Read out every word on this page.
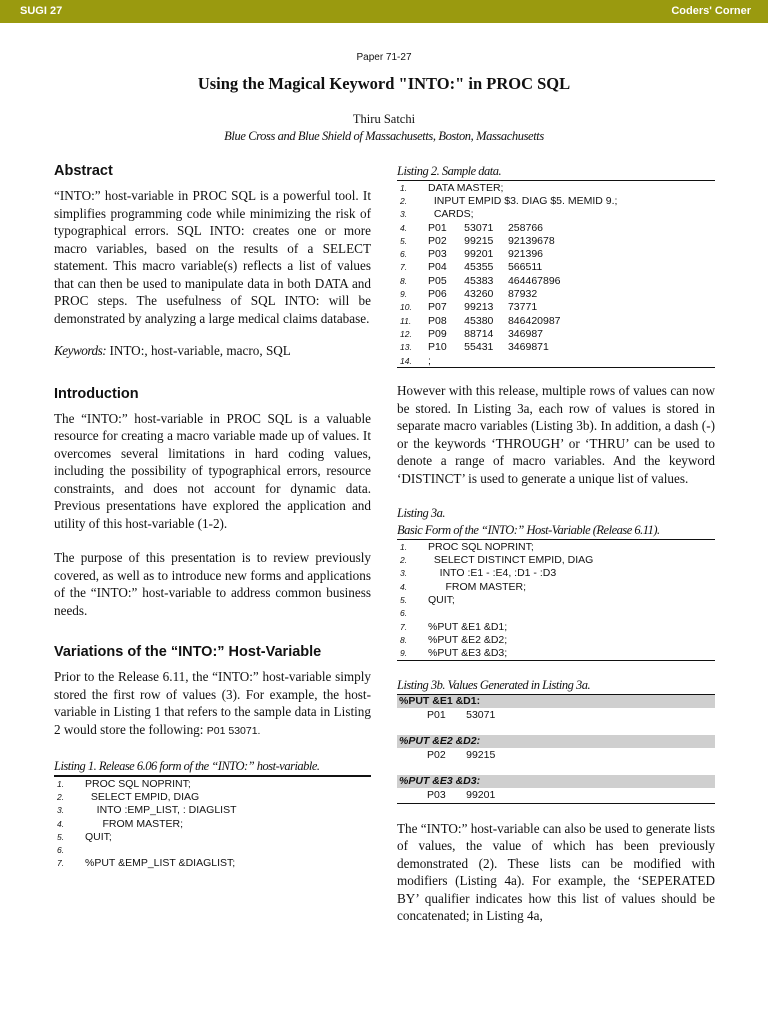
SUGI 27	Coders' Corner
Paper 71-27
Using the Magical Keyword "INTO:" in PROC SQL
Thiru Satchi
Blue Cross and Blue Shield of Massachusetts, Boston, Massachusetts
Abstract

“INTO:” host-variable in PROC SQL is a powerful tool. It simplifies programming code while minimizing the risk of typographical errors. SQL INTO: creates one or more macro variables, based on the results of a SELECT statement. This macro variable(s) reflects a list of values that can then be used to manipulate data in both DATA and PROC steps. The usefulness of SQL INTO: will be demonstrated by analyzing a large medical claims database.

Keywords: INTO:, host-variable, macro, SQL

Introduction

The “INTO:” host-variable in PROC SQL is a valuable resource for creating a macro variable made up of values. It overcomes several limitations in hard coding values, including the possibility of typographical errors, resource constraints, and does not account for dynamic data. Previous presentations have explored the application and utility of this host-variable (1-2).

The purpose of this presentation is to review previously covered, as well as to introduce new forms and applications of the “INTO:” host-variable to address common business needs.

Variations of the “INTO:” Host-Variable

Prior to the Release 6.11, the “INTO:” host-variable simply stored the first row of values (3). For example, the host-variable in Listing 1 that refers to the sample data in Listing 2 would store the following: P01 53071.

Listing 1. Release 6.06 form of the “INTO:” host-variable.
1.	PROC SQL NOPRINT;
2.	SELECT EMPID, DIAG
3.	INTO :EMP_LIST, : DIAGLIST
4.	FROM MASTER;
5.	QUIT;
6.	
7.	%PUT &EMP_LIST &DIAGLIST;
Listing 2. Sample data.
1.	DATA MASTER;
2.	INPUT EMPID $3. DIAG $5. MEMID 9.;
3.	CARDS;
4.	P01      53071     258766
5.	P02      99215     92139678
6.	P03      99201     921396
7.	P04      45355     566511
8.	P05      45383     464467896
9.	P06      43260     87932
10.	P07      99213     73771
11.	P08      45380     846420987
12.	P09      88714     346987
13.	P10      55431     3469871
14.	;

However with this release, multiple rows of values can now be stored. In Listing 3a, each row of values is stored in separate macro variables (Listing 3b). In addition, a dash (-) or the keywords ‘THROUGH’ or ‘THRU’ can be used to denote a range of macro variables. And the keyword ‘DISTINCT’ is used to generate a unique list of values.

Listing 3a.
Basic Form of the “INTO:” Host-Variable (Release 6.11).
1.	PROC SQL NOPRINT;
2.	SELECT DISTINCT EMPID, DIAG
3.	INTO :E1 - :E4, :D1 - :D3
4.	FROM MASTER;
5.	QUIT;
6.	
7.	%PUT &E1 &D1;
8.	%PUT &E2 &D2;
9.	%PUT &E3 &D3;
Listing 3b. Values Generated in Listing 3a.
%PUT &E1 &D1:
P01       53071
%PUT &E2 &D2:
P02       99215
%PUT &E3 &D3:
P03       99201

The “INTO:” host-variable can also be used to generate lists of values, the value of which has been previously demonstrated (2). These lists can be modified with modifiers (Listing 4a). For example, the ‘SEPERATED BY’ qualifier indicates how this list of values should be concatenated; in Listing 4a,
